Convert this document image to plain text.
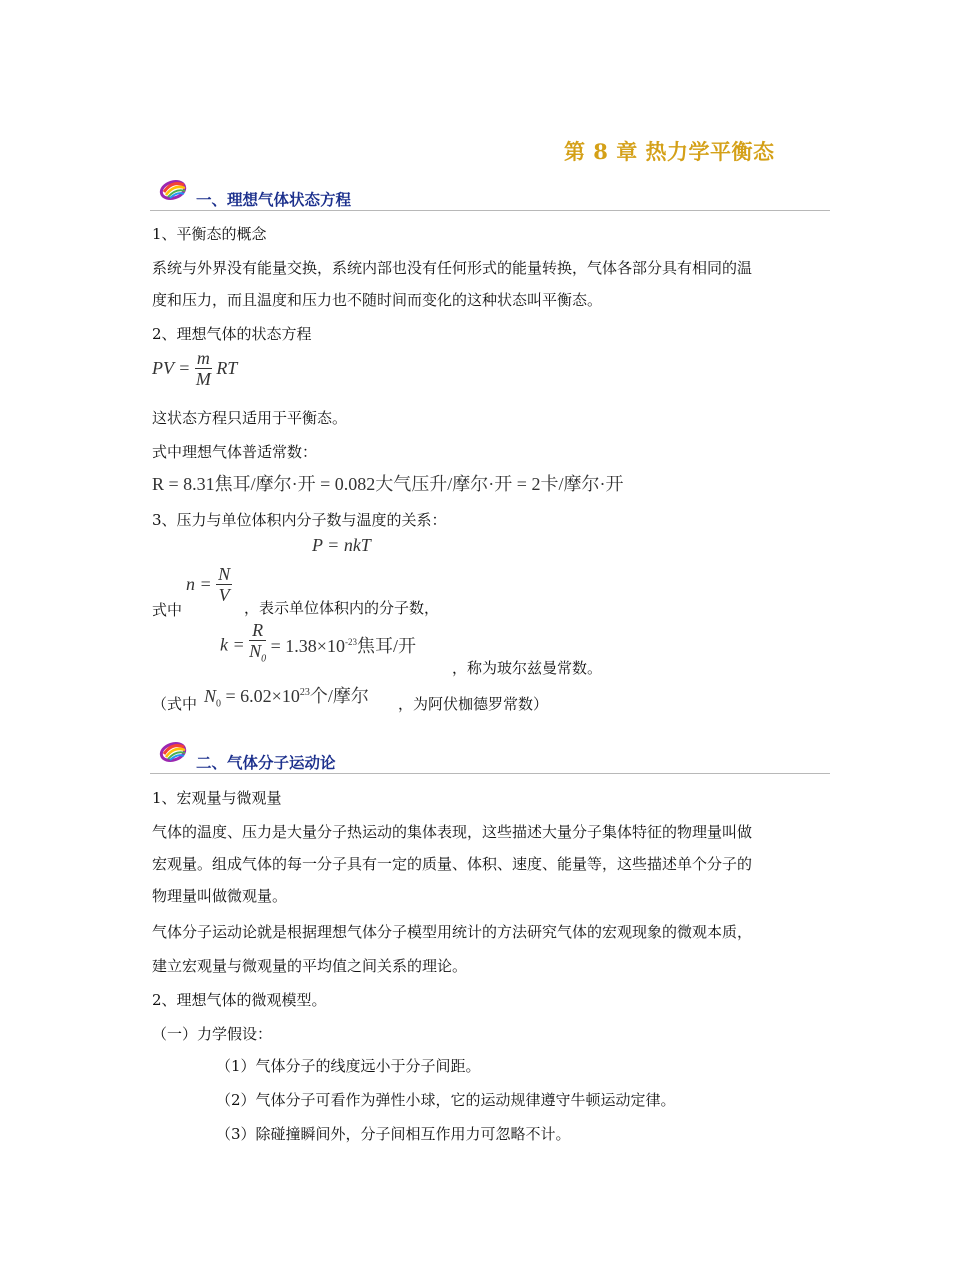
第 8 章 热力学平衡态
一、理想气体状态方程
1、平衡态的概念
系统与外界没有能量交换，系统内部也没有任何形式的能量转换，气体各部分具有相同的温
度和压力，而且温度和压力也不随时间而变化的这种状态叫平衡态。
2、理想气体的状态方程
PV = $\frac{m}{M}$ RT
这状态方程只适用于平衡态。
式中理想气体普适常数：
R = 8.31焦耳/摩尔·开 = 0.082大气压升/摩尔·开 = 2卡/摩尔·开
3、压力与单位体积内分子数与温度的关系：
P = nkT
式中
$n = \frac{N}{V}$
，表示单位体积内的分子数，
$k = \frac{R}{N_0} = 1.38\times 10^{-23}$焦耳/开
，称为玻尔兹曼常数。
（式中 $N_0 = 6.02\times 10^{23}$个/摩尔 ，为阿伏枷德罗常数）
二、气体分子运动论
1、宏观量与微观量
气体的温度、压力是大量分子热运动的集体表现，这些描述大量分子集体特征的物理量叫做
宏观量。组成气体的每一分子具有一定的质量、体积、速度、能量等，这些描述单个分子的
物理量叫做微观量。
气体分子运动论就是根据理想气体分子模型用统计的方法研究气体的宏观现象的微观本质，
建立宏观量与微观量的平均值之间关系的理论。
2、理想气体的微观模型。
（一）力学假设：
（1）气体分子的线度远小于分子间距。
（2）气体分子可看作为弹性小球，它的运动规律遵守牛顿运动定律。
（3）除碰撞瞬间外，分子间相互作用力可忽略不计。
